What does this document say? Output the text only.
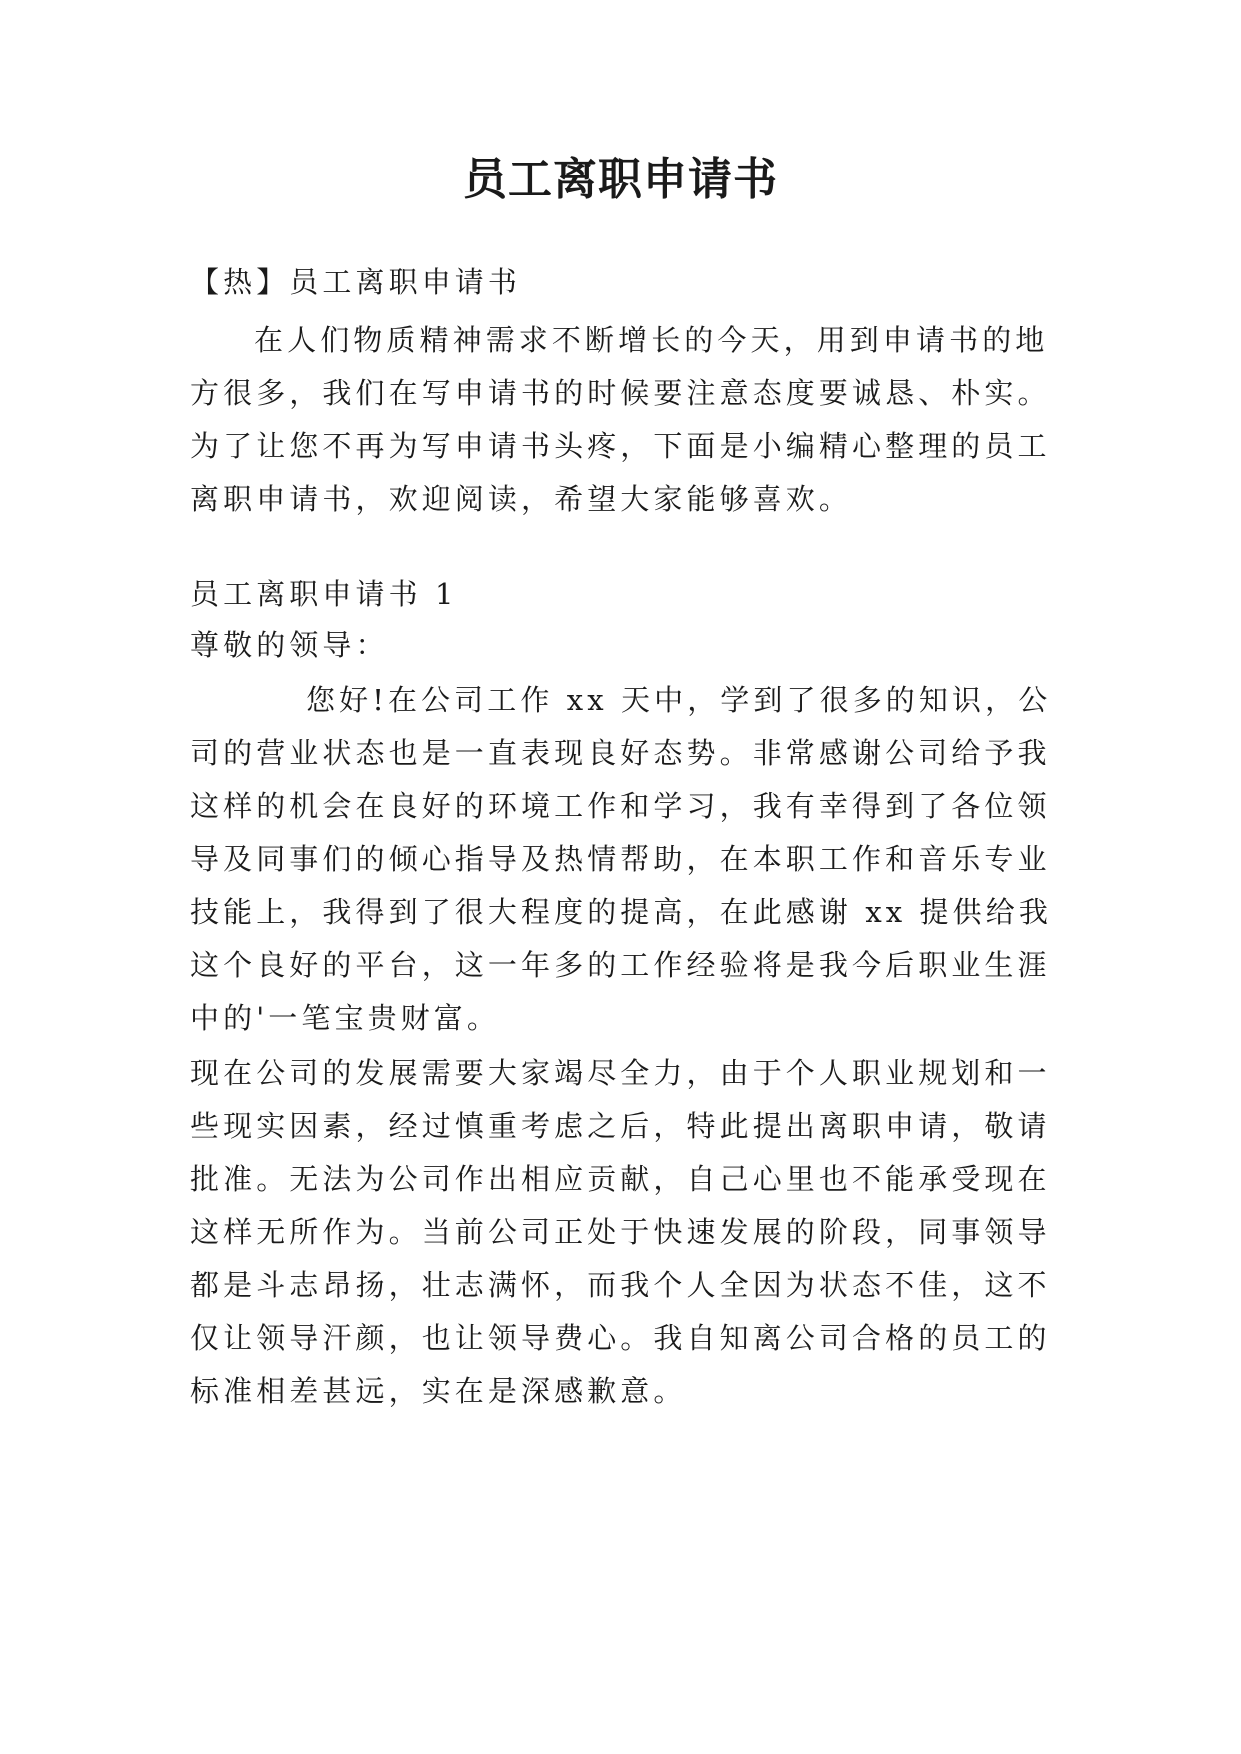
员工离职申请书
【热】员工离职申请书
在人们物质精神需求不断增长的今天，用到申请书的地
方很多，我们在写申请书的时候要注意态度要诚恳、朴实。
为了让您不再为写申请书头疼，下面是小编精心整理的员工
离职申请书，欢迎阅读，希望大家能够喜欢。
员工离职申请书 1
尊敬的领导：
您好!在公司工作 xx 天中，学到了很多的知识，公
司的营业状态也是一直表现良好态势。非常感谢公司给予我
这样的机会在良好的环境工作和学习，我有幸得到了各位领
导及同事们的倾心指导及热情帮助，在本职工作和音乐专业
技能上，我得到了很大程度的提高，在此感谢 xx 提供给我
这个良好的平台，这一年多的工作经验将是我今后职业生涯
中的'一笔宝贵财富。
现在公司的发展需要大家竭尽全力，由于个人职业规划和一
些现实因素，经过慎重考虑之后，特此提出离职申请，敬请
批准。无法为公司作出相应贡献，自己心里也不能承受现在
这样无所作为。当前公司正处于快速发展的阶段，同事领导
都是斗志昂扬，壮志满怀，而我个人全因为状态不佳，这不
仅让领导汗颜，也让领导费心。我自知离公司合格的员工的
标准相差甚远，实在是深感歉意。
